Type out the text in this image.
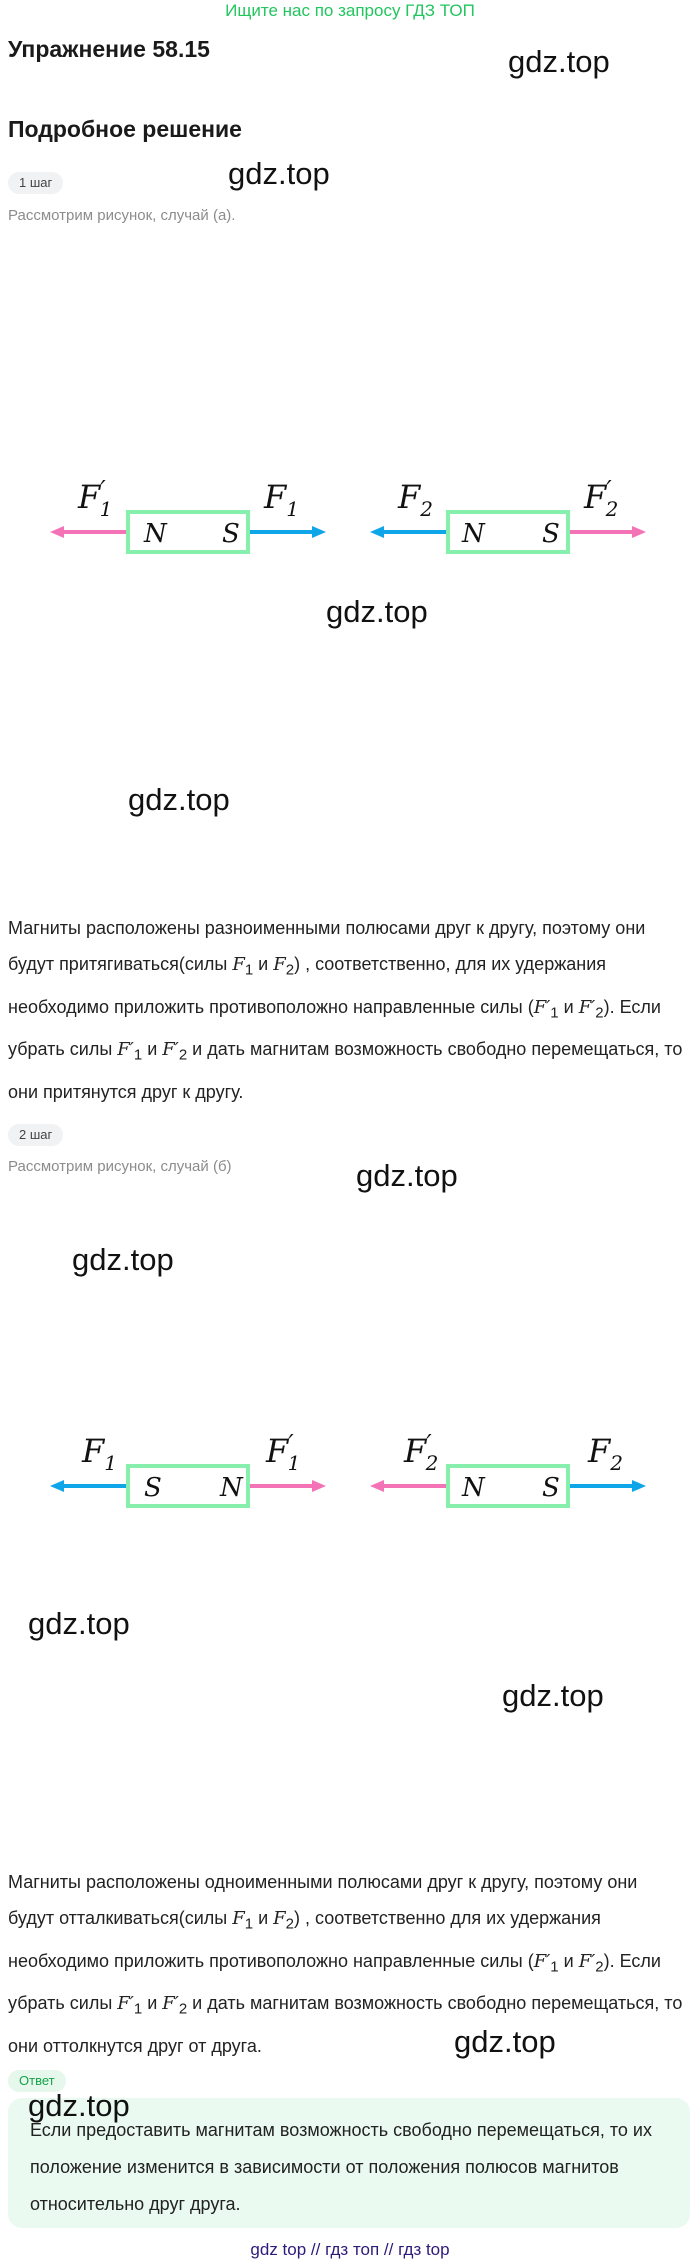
Ищите нас по запросу ГДЗ ТОП
Упражнение 58.15	gdz.top
Подробное решение
1 шаг	gdz.top
Рассмотрим рисунок, случай (а).
N S
F′ 1	$F_1$
N S
$F_2$	F′ 2
gdz.top
gdz.top
Магниты расположены разноименными полюсами друг к другу, поэтому они будут притягиваться(силы $F_1$ и $F_2$) , соответственно, для их удержания необходимо приложить противоположно направленные силы ($F'_1$ и $F'_2$). Если убрать силы $F'_1$ и $F'_2$ и дать магнитам возможность свободно перемещаться, то они притянутся друг к другу.
2 шаг
Рассмотрим рисунок, случай (б)	gdz.top
gdz.top
S N
$F_1$	F′ 1
N S
F′ 2	$F_2$
gdz.top
gdz.top
Магниты расположены одноименными полюсами друг к другу, поэтому они будут отталкиваться(силы $F_1$ и $F_2$) , соответственно для их удержания необходимо приложить противоположно направленные силы ($F'_1$ и $F'_2$). Если убрать силы $F'_1$ и $F'_2$ и дать магнитам возможность свободно перемещаться, то они оттолкнутся друг от друга.	gdz.top
Ответ
gdz.top
Если предоставить магнитам возможность свободно перемещаться, то их положение изменится в зависимости от положения полюсов магнитов относительно друг друга.
gdz top // гдз топ // гдз top
